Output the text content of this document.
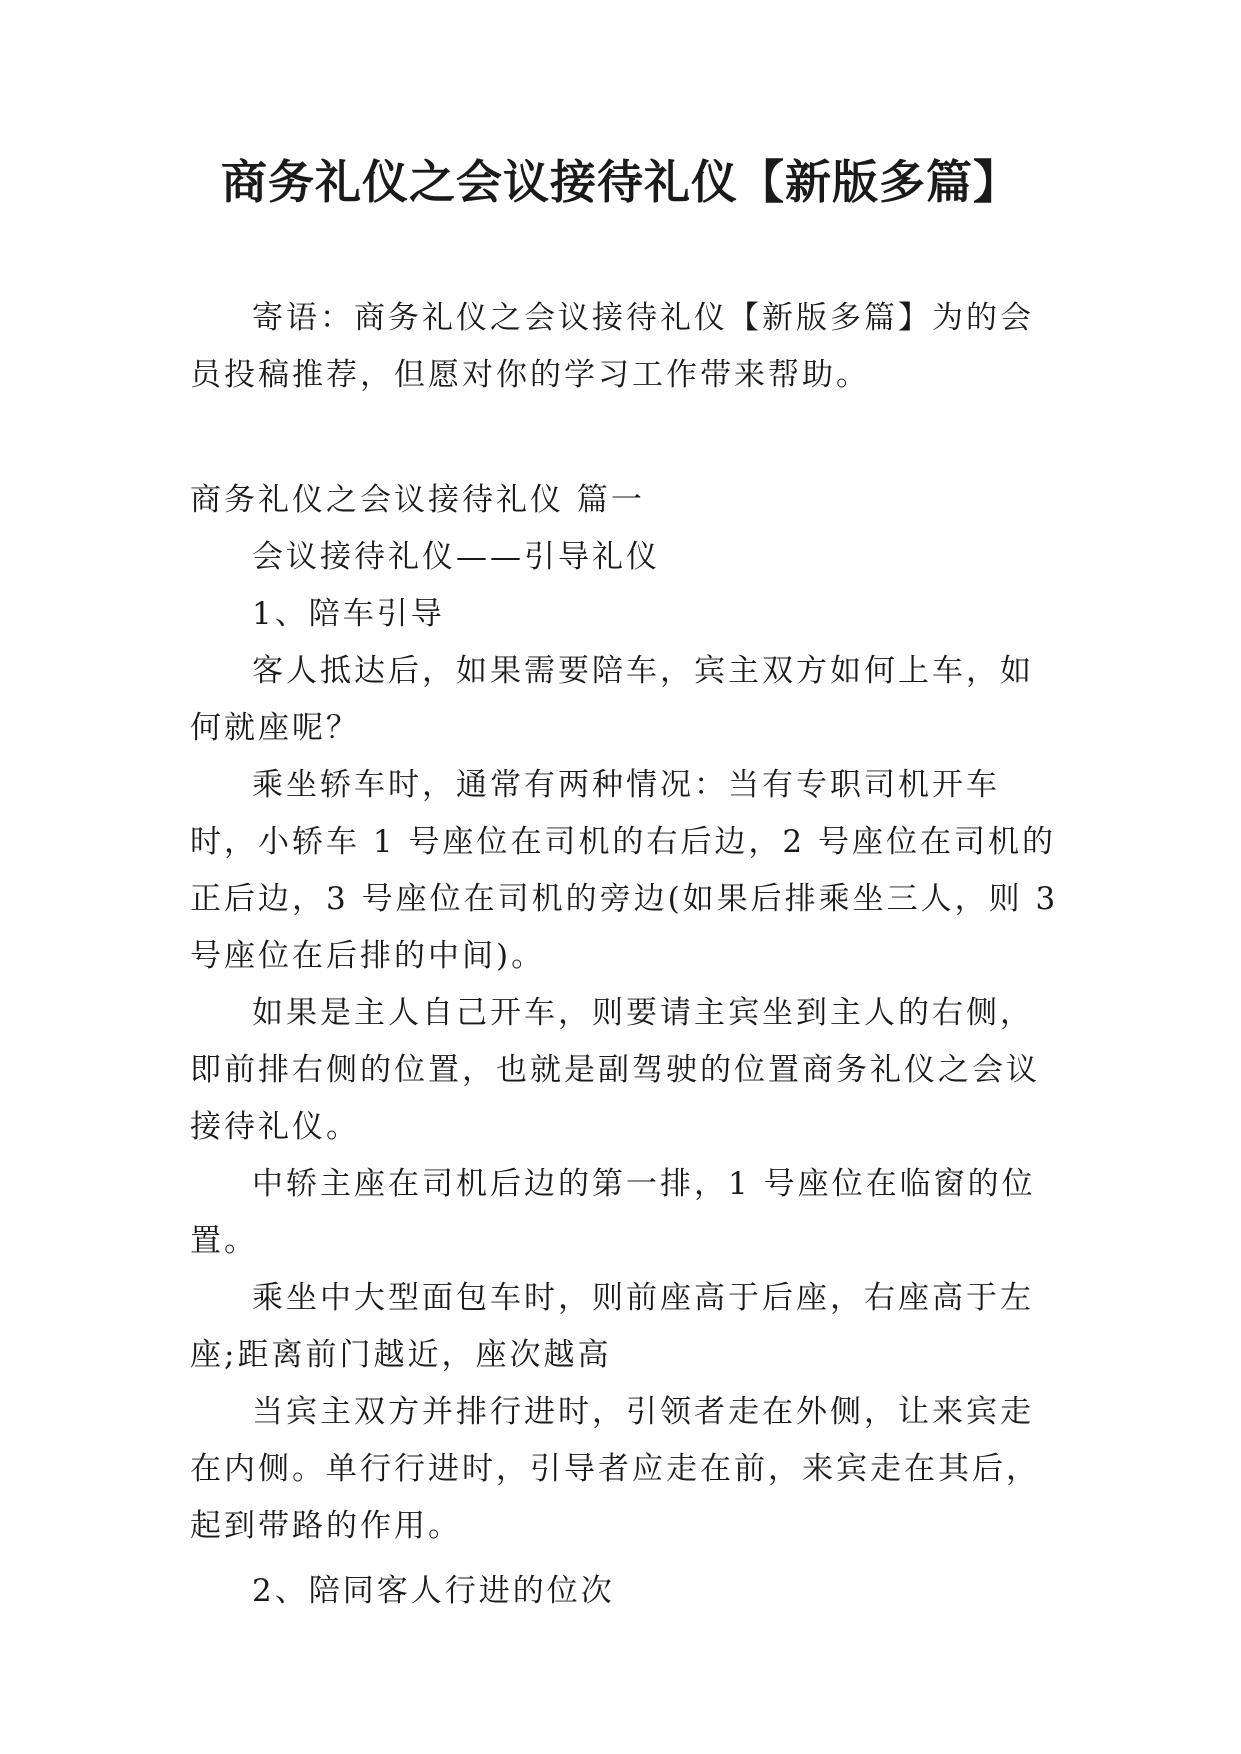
商务礼仪之会议接待礼仪【新版多篇】

寄语：商务礼仪之会议接待礼仪【新版多篇】为的会员投稿推荐，但愿对你的学习工作带来帮助。

商务礼仪之会议接待礼仪 篇一

会议接待礼仪——引导礼仪

1、陪车引导

客人抵达后，如果需要陪车，宾主双方如何上车，如何就座呢？

乘坐轿车时，通常有两种情况：当有专职司机开车时，小轿车 1 号座位在司机的右后边，2 号座位在司机的正后边，3 号座位在司机的旁边(如果后排乘坐三人，则 3 号座位在后排的中间)。

如果是主人自己开车，则要请主宾坐到主人的右侧，即前排右侧的位置，也就是副驾驶的位置商务礼仪之会议接待礼仪。

中轿主座在司机后边的第一排，1 号座位在临窗的位置。

乘坐中大型面包车时，则前座高于后座，右座高于左座;距离前门越近，座次越高

当宾主双方并排行进时，引领者走在外侧，让来宾走在内侧。单行行进时，引导者应走在前，来宾走在其后，起到带路的作用。

2、陪同客人行进的位次
